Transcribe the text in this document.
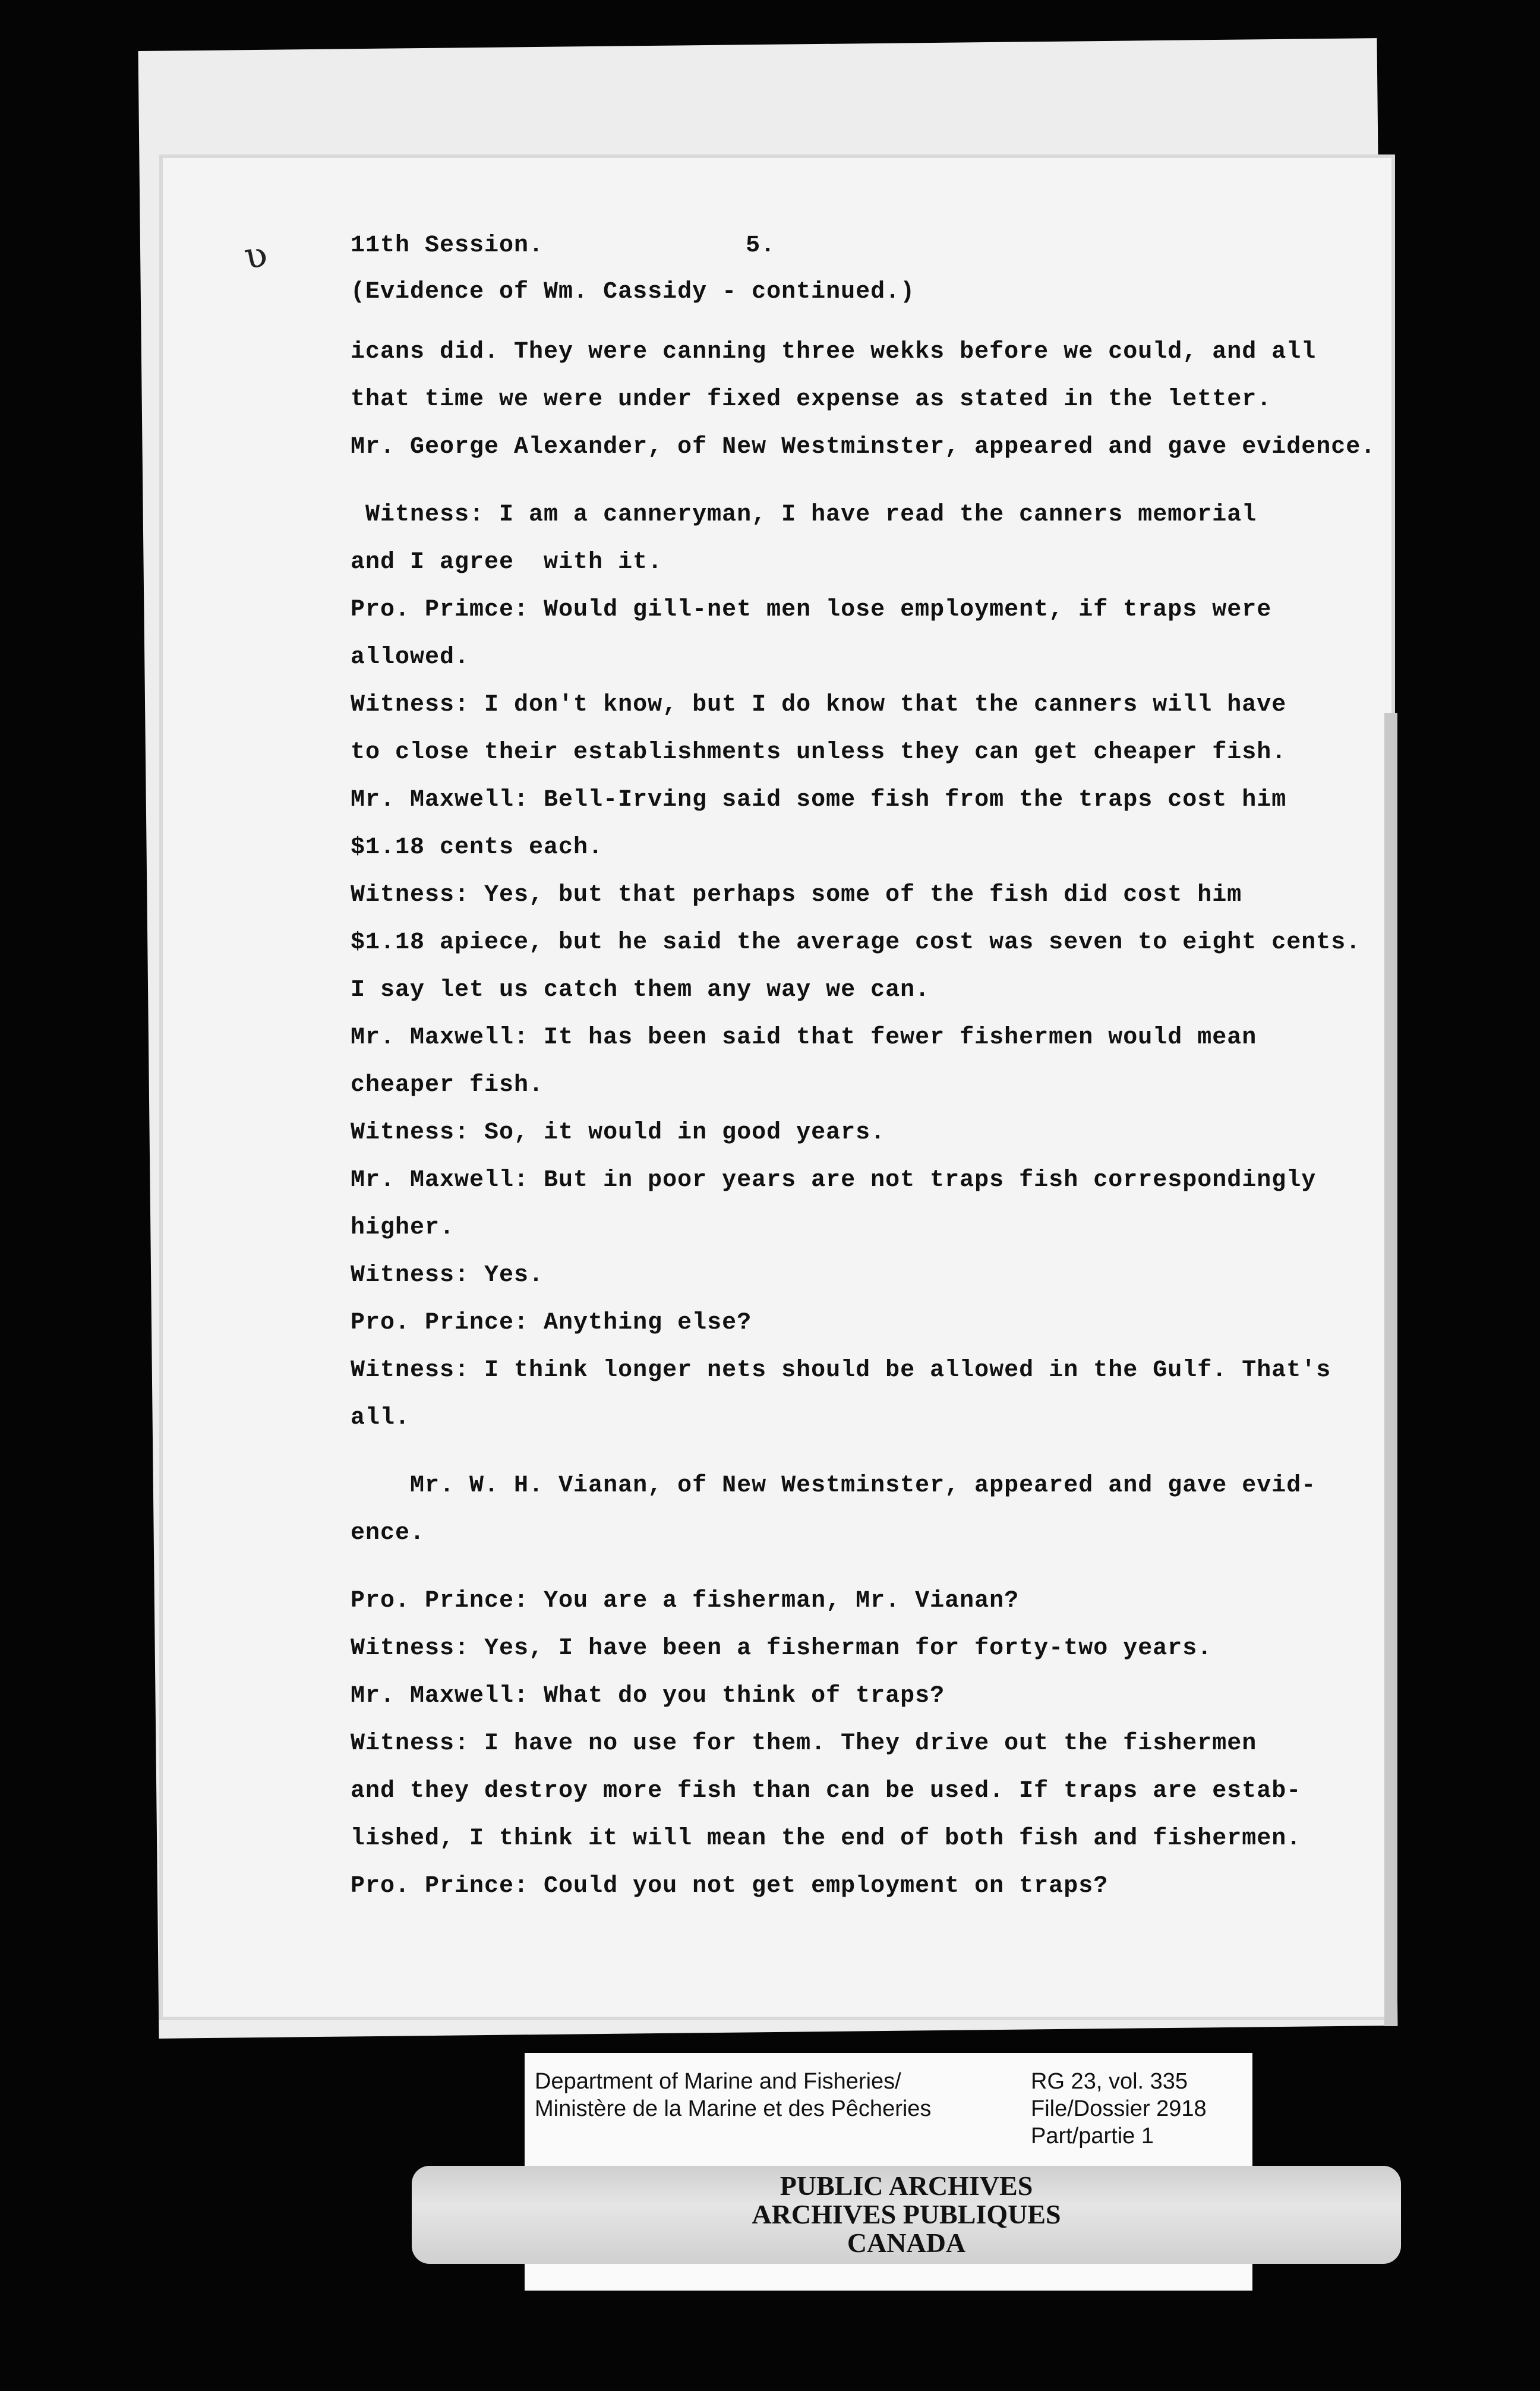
ʋ	11th Session.	5.
(Evidence of Wm. Cassidy - continued.)
icans did. They were canning three wekks before we could, and all
that time we were under fixed expense as stated in the letter.
Mr. George Alexander, of New Westminster, appeared and gave evidence.
Witness: I am a canneryman, I have read the canners memorial
and I agree  with it.
Pro. Primce: Would gill-net men lose employment, if traps were
allowed.
Witness: I don't know, but I do know that the canners will have
to close their establishments unless they can get cheaper fish.
Mr. Maxwell: Bell-Irving said some fish from the traps cost him
$1.18 cents each.
Witness: Yes, but that perhaps some of the fish did cost him
$1.18 apiece, but he said the average cost was seven to eight cents.
I say let us catch them any way we can.
Mr. Maxwell: It has been said that fewer fishermen would mean
cheaper fish.
Witness: So, it would in good years.
Mr. Maxwell: But in poor years are not traps fish correspondingly
higher.
Witness: Yes.
Pro. Prince: Anything else?
Witness: I think longer nets should be allowed in the Gulf. That's
all.
Mr. W. H. Vianan, of New Westminster, appeared and gave evid-
ence.
Pro. Prince: You are a fisherman, Mr. Vianan?
Witness: Yes, I have been a fisherman for forty-two years.
Mr. Maxwell: What do you think of traps?
Witness: I have no use for them. They drive out the fishermen
and they destroy more fish than can be used. If traps are estab-
lished, I think it will mean the end of both fish and fishermen.
Pro. Prince: Could you not get employment on traps?
Department of Marine and Fisheries/
Ministère de la Marine et des Pêcheries
RG 23, vol. 335
File/Dossier 2918
Part/partie 1
PUBLIC ARCHIVES
ARCHIVES PUBLIQUES
CANADA
